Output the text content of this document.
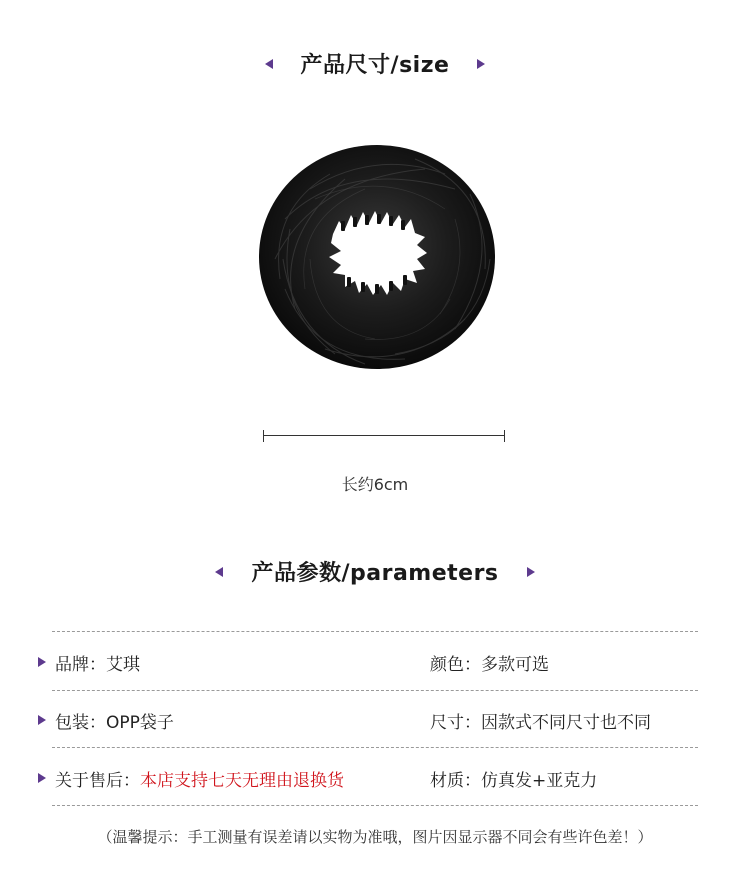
产品尺寸/size
长约6cm
产品参数/parameters
品牌： 艾琪	颜色： 多款可选
包装： OPP袋子	尺寸： 因款式不同尺寸也不同
关于售后： 本店支持七天无理由退换货	材质： 仿真发+亚克力
（温馨提示：手工测量有误差请以实物为准哦，图片因显示器不同会有些许色差！）
